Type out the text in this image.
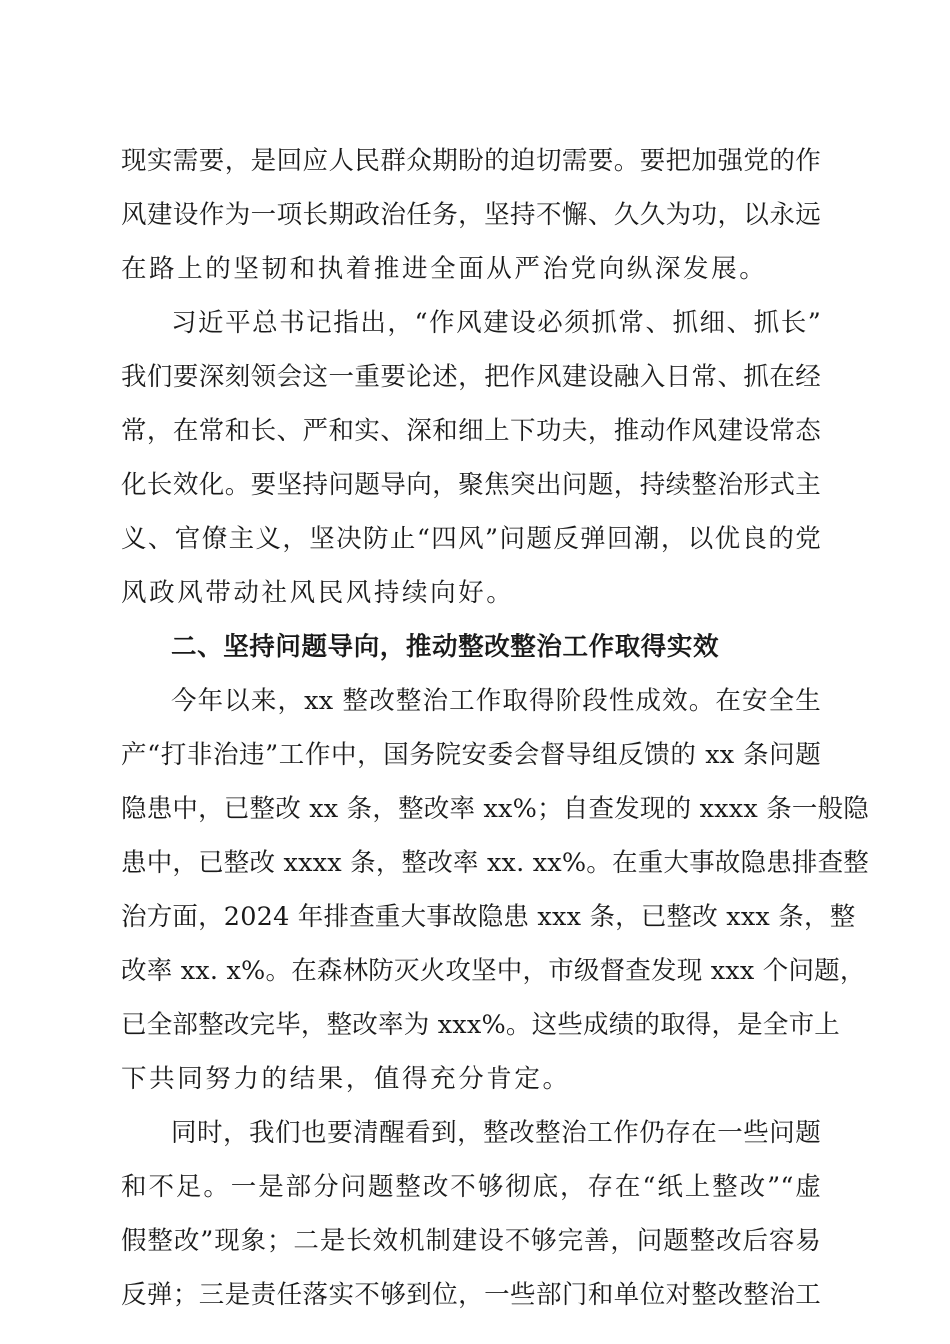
现实需要，是回应人民群众期盼的迫切需要。要把加强党的作
风建设作为一项长期政治任务，坚持不懈、久久为功，以永远
在路上的坚韧和执着推进全面从严治党向纵深发展。
习近平总书记指出，“作风建设必须抓常、抓细、抓长”
我们要深刻领会这一重要论述，把作风建设融入日常、抓在经
常，在常和长、严和实、深和细上下功夫，推动作风建设常态
化长效化。要坚持问题导向，聚焦突出问题，持续整治形式主
义、官僚主义，坚决防止“四风”问题反弹回潮，以优良的党
风政风带动社风民风持续向好。
二、坚持问题导向，推动整改整治工作取得实效
今年以来，xx 整改整治工作取得阶段性成效。在安全生
产“打非治违”工作中，国务院安委会督导组反馈的 xx 条问题
隐患中，已整改 xx 条，整改率 xx%；自查发现的 xxxx 条一般隐
患中，已整改 xxxx 条，整改率 xx. xx%。在重大事故隐患排查整
治方面，2024 年排查重大事故隐患 xxx 条，已整改 xxx 条，整
改率 xx. x%。在森林防灭火攻坚中，市级督查发现 xxx 个问题，
已全部整改完毕，整改率为 xxx%。这些成绩的取得，是全市上
下共同努力的结果，值得充分肯定。
同时，我们也要清醒看到，整改整治工作仍存在一些问题
和不足。一是部分问题整改不够彻底，存在“纸上整改”“虚
假整改”现象；二是长效机制建设不够完善，问题整改后容易
反弹；三是责任落实不够到位，一些部门和单位对整改整治工
